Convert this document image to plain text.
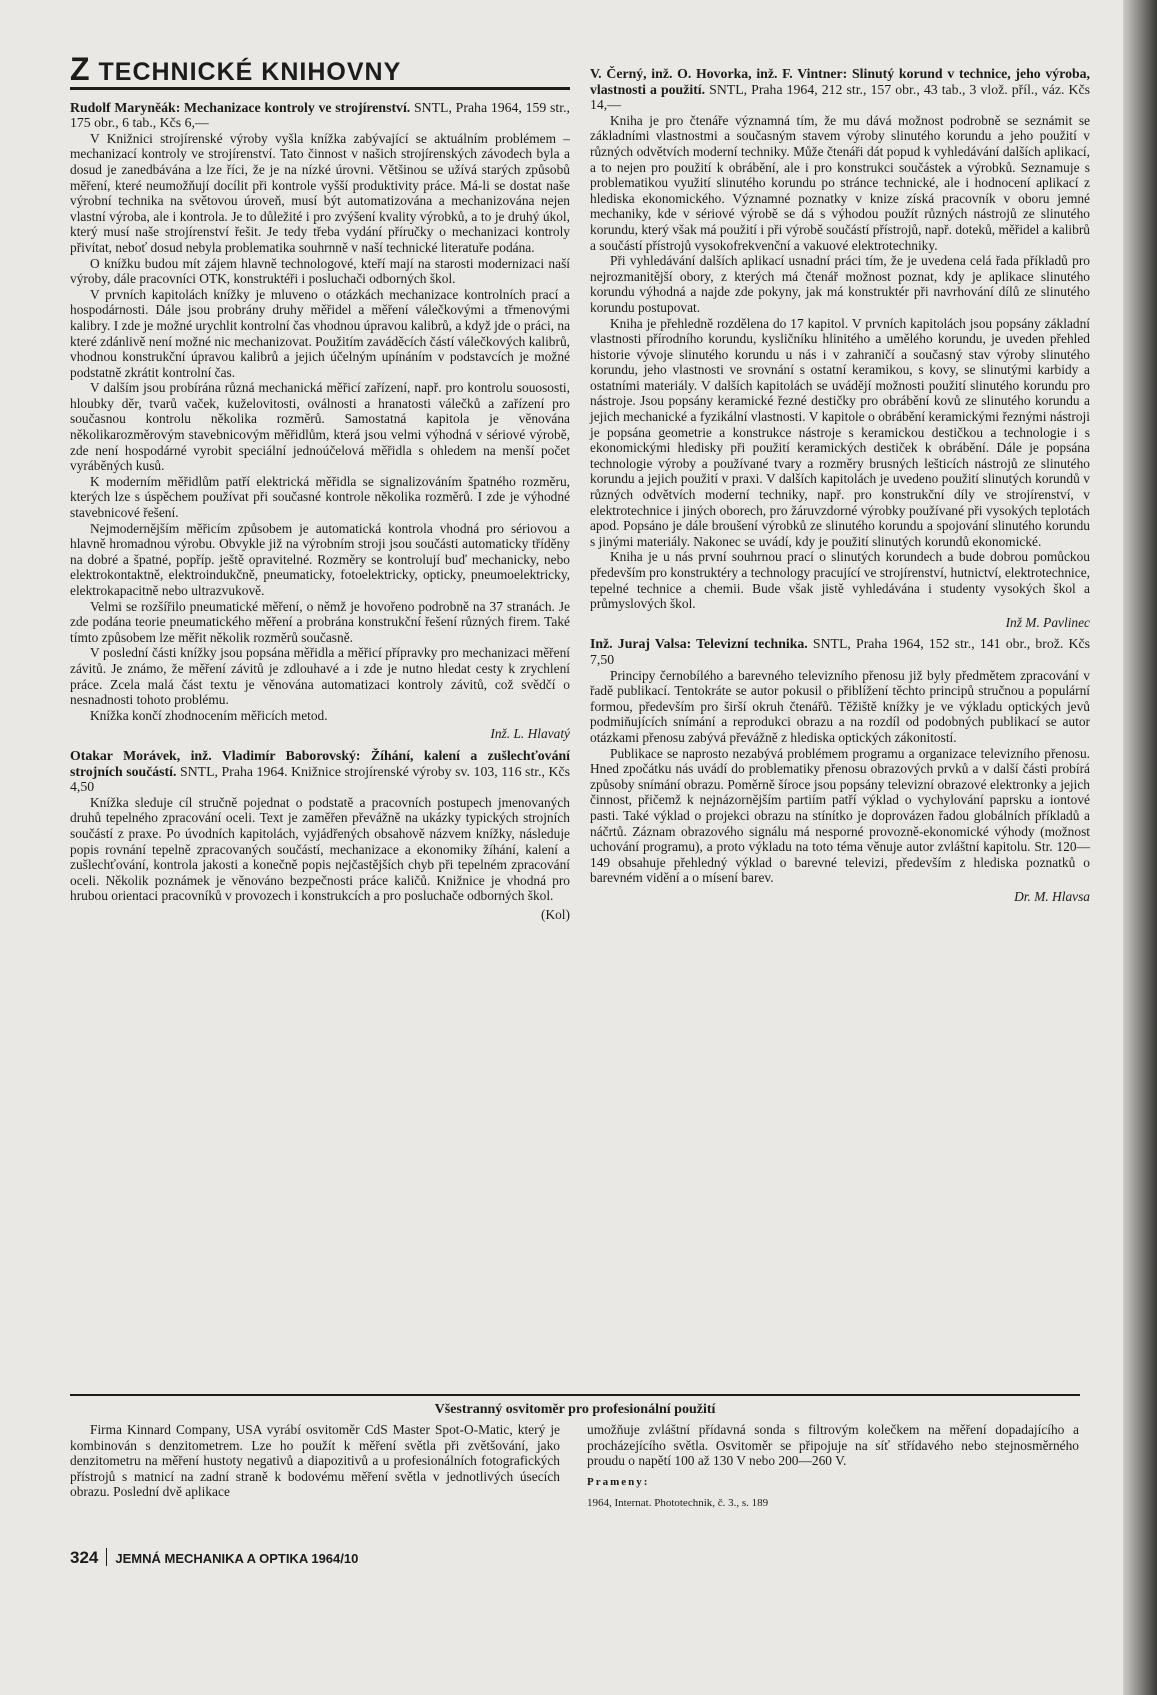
Z TECHNICKÉ KNIHOVNY

Rudolf Maryněák: Mechanizace kontroly ve strojírenství. SNTL, Praha 1964, 159 str., 175 obr., 6 tab., Kčs 6,—

V Knižnici strojírenské výroby vyšla knížka zabývající se aktuálním problémem – mechanizací kontroly ve strojírenství. Tato činnost v našich strojírenských závodech byla a dosud je zanedbávána a lze říci, že je na nízké úrovni. Většinou se užívá starých způsobů měření, které neumožňují docílit při kontrole vyšší produktivity práce. Má-li se dostat naše výrobní technika na světovou úroveň, musí být automatizována a mechanizována nejen vlastní výroba, ale i kontrola. Je to důležité i pro zvýšení kvality výrobků, a to je druhý úkol, který musí naše strojírenství řešit. Je tedy třeba vydání příručky o mechanizaci kontroly přivítat, neboť dosud nebyla problematika souhrnně v naší technické literatuře podána.

O knížku budou mít zájem hlavně technologové, kteří mají na starosti modernizaci naší výroby, dále pracovníci OTK, konstruktéři i posluchači odborných škol.

V prvních kapitolách knížky je mluveno o otázkách mechanizace kontrolních prací a hospodárnosti. Dále jsou probrány druhy měřidel a měření válečkovými a třmenovými kalibry. I zde je možné urychlit kontrolní čas vhodnou úpravou kalibrů, a když jde o práci, na které zdánlivě není možné nic mechanizovat. Použitím zaváděcích částí válečkových kalibrů, vhodnou konstrukční úpravou kalibrů a jejich účelným upínáním v podstavcích je možné podstatně zkrátit kontrolní čas.

V dalším jsou probírána různá mechanická měřicí zařízení, např. pro kontrolu souososti, hloubky děr, tvarů vaček, kuželovitosti, oválnosti a hranatosti válečků a zařízení pro současnou kontrolu několika rozměrů. Samostatná kapitola je věnována několikarozměrovým stavebnicovým měřidlům, která jsou velmi výhodná v sériové výrobě, zde není hospodárné vyrobit speciální jednoúčelová měřidla s ohledem na menší počet vyráběných kusů.

K moderním měřidlům patří elektrická měřidla se signalizováním špatného rozměru, kterých lze s úspěchem používat při současné kontrole několika rozměrů. I zde je výhodné stavebnicové řešení.

Nejmodernějším měřicím způsobem je automatická kontrola vhodná pro sériovou a hlavně hromadnou výrobu. Obvykle již na výrobním stroji jsou součásti automaticky tříděny na dobré a špatné, popříp. ještě opravitelné. Rozměry se kontrolují buď mechanicky, nebo elektrokontaktně, elektroindukčně, pneumaticky, fotoelektricky, opticky, pneumoelektricky, elektrokapacitně nebo ultrazvukově.

Velmi se rozšířilo pneumatické měření, o němž je hovořeno podrobně na 37 stranách. Je zde podána teorie pneumatického měření a probrána konstrukční řešení různých firem. Také tímto způsobem lze měřit několik rozměrů současně.

V poslední části knížky jsou popsána měřidla a měřicí přípravky pro mechanizaci měření závitů. Je známo, že měření závitů je zdlouhavé a i zde je nutno hledat cesty k zrychlení práce. Zcela malá část textu je věnována automatizaci kontroly závitů, což svědčí o nesnadnosti tohoto problému.

Knížka končí zhodnocením měřicích metod.

Inž. L. Hlavatý

Otakar Morávek, inž. Vladimír Baborovský: Žíhání, kalení a zušlechťování strojních součástí. SNTL, Praha 1964. Knižnice strojírenské výroby sv. 103, 116 str., Kčs 4,50

Knížka sleduje cíl stručně pojednat o podstatě a pracovních postupech jmenovaných druhů tepelného zpracování oceli. Text je zaměřen převážně na ukázky typických strojních součástí z praxe. Po úvodních kapitolách, vyjádřených obsahově názvem knížky, následuje popis rovnání tepelně zpracovaných součástí, mechanizace a ekonomiky žíhání, kalení a zušlechťování, kontrola jakosti a konečně popis nejčastějších chyb při tepelném zpracování oceli. Několik poznámek je věnováno bezpečnosti práce kaličů. Knižnice je vhodná pro hrubou orientaci pracovníků v provozech i konstrukcích a pro posluchače odborných škol.

(Kol)

V. Černý, inž. O. Hovorka, inž. F. Vintner: Slinutý korund v technice, jeho výroba, vlastnosti a použití. SNTL, Praha 1964, 212 str., 157 obr., 43 tab., 3 vlož. příl., váz. Kčs 14,—

Kniha je pro čtenáře významná tím, že mu dává možnost podrobně se seznámit se základními vlastnostmi a současným stavem výroby slinutého korundu a jeho použití v různých odvětvích moderní techniky. Může čtenáři dát popud k vyhledávání dalších aplikací, a to nejen pro použití k obrábění, ale i pro konstrukci součástek a výrobků. Seznamuje s problematikou využití slinutého korundu po stránce technické, ale i hodnocení aplikací z hlediska ekonomického. Významné poznatky v knize získá pracovník v oboru jemné mechaniky, kde v sériové výrobě se dá s výhodou použít různých nástrojů ze slinutého korundu, který však má použití i při výrobě součástí přístrojů, např. doteků, měřidel a kalibrů a součástí přístrojů vysokofrekvenční a vakuové elektrotechniky.

Při vyhledávání dalších aplikací usnadní práci tím, že je uvedena celá řada příkladů pro nejrozmanitější obory, z kterých má čtenář možnost poznat, kdy je aplikace slinutého korundu výhodná a najde zde pokyny, jak má konstruktér při navrhování dílů ze slinutého korundu postupovat.

Kniha je přehledně rozdělena do 17 kapitol. V prvních kapitolách jsou popsány základní vlastnosti přírodního korundu, kysličníku hlinitého a umělého korundu, je uveden přehled historie vývoje slinutého korundu u nás i v zahraničí a současný stav výroby slinutého korundu, jeho vlastnosti ve srovnání s ostatní keramikou, s kovy, se slinutými karbidy a ostatními materiály. V dalších kapitolách se uvádějí možnosti použití slinutého korundu pro nástroje. Jsou popsány keramické řezné destičky pro obrábění kovů ze slinutého korundu a jejich mechanické a fyzikální vlastnosti. V kapitole o obrábění keramickými řeznými nástroji je popsána geometrie a konstrukce nástroje s keramickou destičkou a technologie i s ekonomickými hledisky při použití keramických destiček k obrábění. Dále je popsána technologie výroby a používané tvary a rozměry brusných lešticích nástrojů ze slinutého korundu a jejich použití v praxi. V dalších kapitolách je uvedeno použití slinutých korundů v různých odvětvích moderní techniky, např. pro konstrukční díly ve strojírenství, v elektrotechnice i jiných oborech, pro žáruvzdorné výrobky používané při vysokých teplotách apod. Popsáno je dále broušení výrobků ze slinutého korundu a spojování slinutého korundu s jinými materiály. Nakonec se uvádí, kdy je použití slinutých korundů ekonomické.

Kniha je u nás první souhrnou prací o slinutých korundech a bude dobrou pomůckou především pro konstruktéry a technology pracující ve strojírenství, hutnictví, elektrotechnice, tepelné technice a chemii. Bude však jistě vyhledávána i studenty vysokých škol a průmyslových škol.

Inž M. Pavlinec

Inž. Juraj Valsa: Televizní technika. SNTL, Praha 1964, 152 str., 141 obr., brož. Kčs 7,50

Principy černobílého a barevného televizního přenosu již byly předmětem zpracování v řadě publikací. Tentokráte se autor pokusil o přiblížení těchto principů stručnou a populární formou, především pro širší okruh čtenářů. Těžiště knížky je ve výkladu optických jevů podmiňujících snímání a reprodukci obrazu a na rozdíl od podobných publikací se autor otázkami přenosu zabývá převážně z hlediska optických zákonitostí.

Publikace se naprosto nezabývá problémem programu a organizace televizního přenosu. Hned zpočátku nás uvádí do problematiky přenosu obrazových prvků a v další části probírá způsoby snímání obrazu. Poměrně šíroce jsou popsány televizní obrazové elektronky a jejich činnost, přičemž k nejnázornějším partiím patří výklad o vychylování paprsku a iontové pasti. Také výklad o projekci obrazu na stínítko je doprovázen řadou globálních příkladů a náčrtů. Záznam obrazového signálu má nesporné provozně-ekonomické výhody (možnost uchování programu), a proto výkladu na toto téma věnuje autor zvláštní kapitolu. Str. 120—149 obsahuje přehledný výklad o barevné televizi, především z hlediska poznatků o barevném vidění a o mísení barev.

Dr. M. Hlavsa
Všestranný osvitoměr pro profesionální použití

Firma Kinnard Company, USA vyrábí osvitoměr CdS Master Spot-O-Matic, který je kombinován s denzitometrem. Lze ho použít k měření světla při zvětšování, jako denzitometru na měření hustoty negativů a diapozitivů a u profesionálních fotografických přístrojů s matnicí na zadní straně k bodovému měření světla v jednotlivých úsecích obrazu. Poslední dvě aplikace

umožňuje zvláštní přídavná sonda s filtrovým kolečkem na měření dopadajícího a procházejícího světla. Osvitoměr se připojuje na síť střídavého nebo stejnosměrného proudu o napětí 100 až 130 V nebo 200—260 V.

Prameny:
1964, Internat. Phototechnik, č. 3., s. 189
324 JEMNÁ MECHANIKA A OPTIKA 1964/10
